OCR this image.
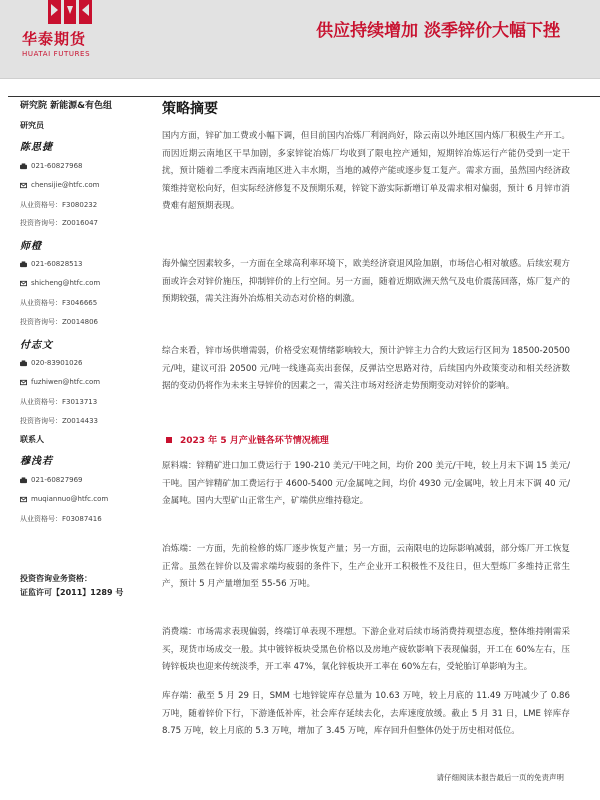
华泰期货
HUATAI FUTURES
供应持续增加 淡季锌价大幅下挫
研究院 新能源&有色组
研究员
陈思捷
021-60827968
chensijie@htfc.com
从业资格号：F3080232
投资咨询号：Z0016047
师橙
021-60828513
shicheng@htfc.com
从业资格号：F3046665
投资咨询号：Z0014806
付志文
020-83901026
fuzhiwen@htfc.com
从业资格号：F3013713
投资咨询号：Z0014433
联系人
穆浅若
021-60827969
muqiannuo@htfc.com
从业资格号：F03087416
投资咨询业务资格：
证监许可【2011】1289 号
策略摘要
国内方面，锌矿加工费或小幅下调，但目前国内冶炼厂利润尚好，除云南以外地区国内炼厂积极生产开工。而因近期云南地区干旱加剧，多家锌锭冶炼厂均收到了限电控产通知，短期锌冶炼运行产能仍受到一定干扰，预计随着二季度末西南地区进入丰水期，当地的减停产能或逐步复工复产。需求方面，虽然国内经济政策维持宽松向好，但实际经济修复不及预期乐观，锌锭下游实际新增订单及需求相对偏弱，预计 6 月锌市消费难有超预期表现。
海外偏空因素较多，一方面在全球高利率环境下，欧美经济衰退风险加剧，市场信心相对敏感。后续宏观方面或许会对锌价施压，抑制锌价的上行空间。另一方面，随着近期欧洲天然气及电价震荡回落，炼厂复产的预期较强，需关注海外冶炼相关动态对价格的刺激。
综合来看，锌市场供增需弱，价格受宏观情绪影响较大，预计沪锌主力合约大致运行区间为 18500-20500 元/吨，建议可沿 20500 元/吨一线逢高卖出套保，反弹沽空思路对待，后续国内外政策变动和相关经济数据的变动仍将作为未来主导锌价的因素之一，需关注市场对经济走势预期变动对锌价的影响。
2023 年 5 月产业链各环节情况梳理
原料端：锌精矿进口加工费运行于 190-210 美元/干吨之间，均价 200 美元/干吨，较上月末下调 15 美元/干吨。国产锌精矿加工费运行于 4600-5400 元/金属吨之间，均价 4930 元/金属吨，较上月末下调 40 元/金属吨。国内大型矿山正常生产，矿端供应维持稳定。
冶炼端：一方面，先前检修的炼厂逐步恢复产量；另一方面，云南限电的边际影响减弱，部分炼厂开工恢复正常。虽然在锌价以及需求端均疲弱的条件下，生产企业开工积极性不及往日，但大型炼厂多维持正常生产，预计 5 月产量增加至 55-56 万吨。
消费端：市场需求表现偏弱，终端订单表现不理想。下游企业对后续市场消费持观望态度，整体维持刚需采买，现货市场成交一般。其中镀锌板块受黑色价格以及房地产疲软影响下表现偏弱，开工在 60%左右，压铸锌板块也迎来传统淡季，开工率 47%，氧化锌板块开工率在 60%左右，受轮胎订单影响为主。
库存端：截至 5 月 29 日，SMM 七地锌锭库存总量为 10.63 万吨，较上月底的 11.49 万吨减少了 0.86 万吨，随着锌价下行，下游逢低补库，社会库存延续去化，去库速度放缓。截止 5 月 31 日，LME 锌库存 8.75 万吨，较上月底的 5.3 万吨，增加了 3.45 万吨，库存回升但整体仍处于历史相对低位。
请仔细阅读本报告最后一页的免责声明
